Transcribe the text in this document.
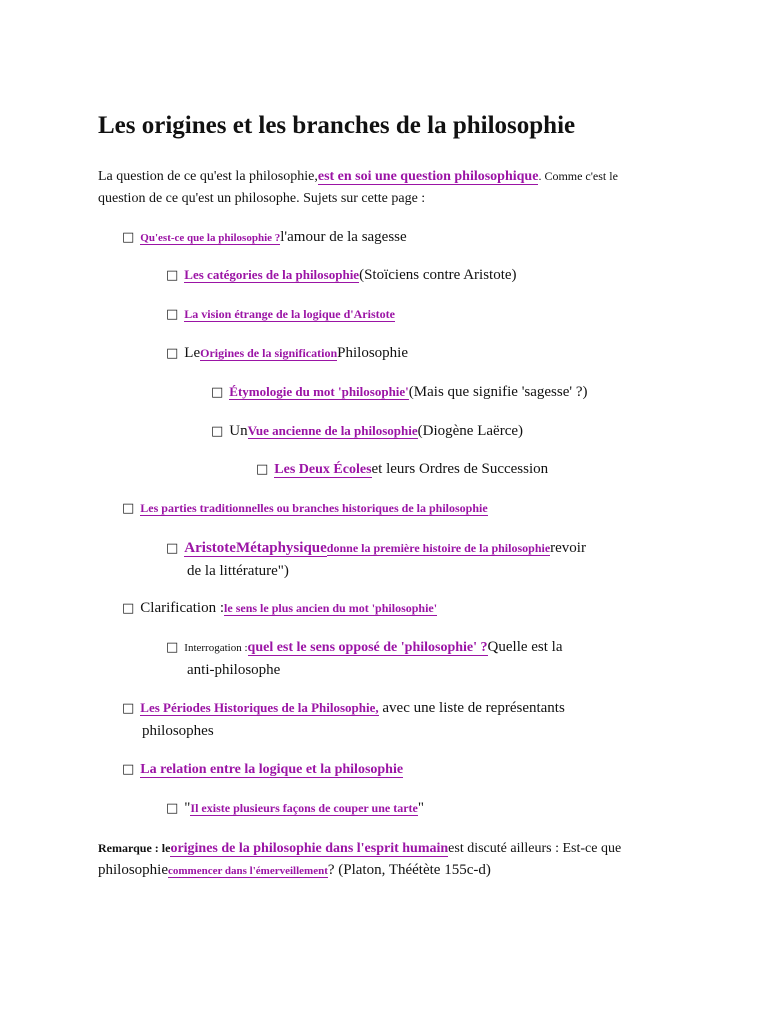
Les origines et les branches de la philosophie
La question de ce qu'est la philosophie,est en soi une question philosophique. Comme c'est le
question de ce qu'est un philosophe. Sujets sur cette page :
□ Qu'est-ce que la philosophie ?l'amour de la sagesse
□ Les catégories de la philosophie(Stoïciens contre Aristote)
□ La vision étrange de la logique d'Aristote
□ LeOrigines de la significationPhilosophie
□ Étymologie du mot 'philosophie'(Mais que signifie 'sagesse' ?)
□ UnVue ancienne de la philosophie(Diogène Laërce)
□ Les Deux Écoleset leurs Ordres de Succession
□ Les parties traditionnelles ou branches historiques de la philosophie
□ AristoteMétaphysiquedonne la première histoire de la philosophierevoir
de la littérature")
□ Clarification :le sens le plus ancien du mot 'philosophie'
□ Interrogation :quel est le sens opposé de 'philosophie' ?Quelle est la
anti-philosophe
□ Les Périodes Historiques de la Philosophie, avec une liste de représentants
philosophes
□ La relation entre la logique et la philosophie
□ "Il existe plusieurs façons de couper une tarte"
Remarque : leorigines de la philosophie dans l'esprit humainest discuté ailleurs : Est-ce que
philosophiecommencer dans l'émerveillement? (Platon, Théétète 155c-d)
